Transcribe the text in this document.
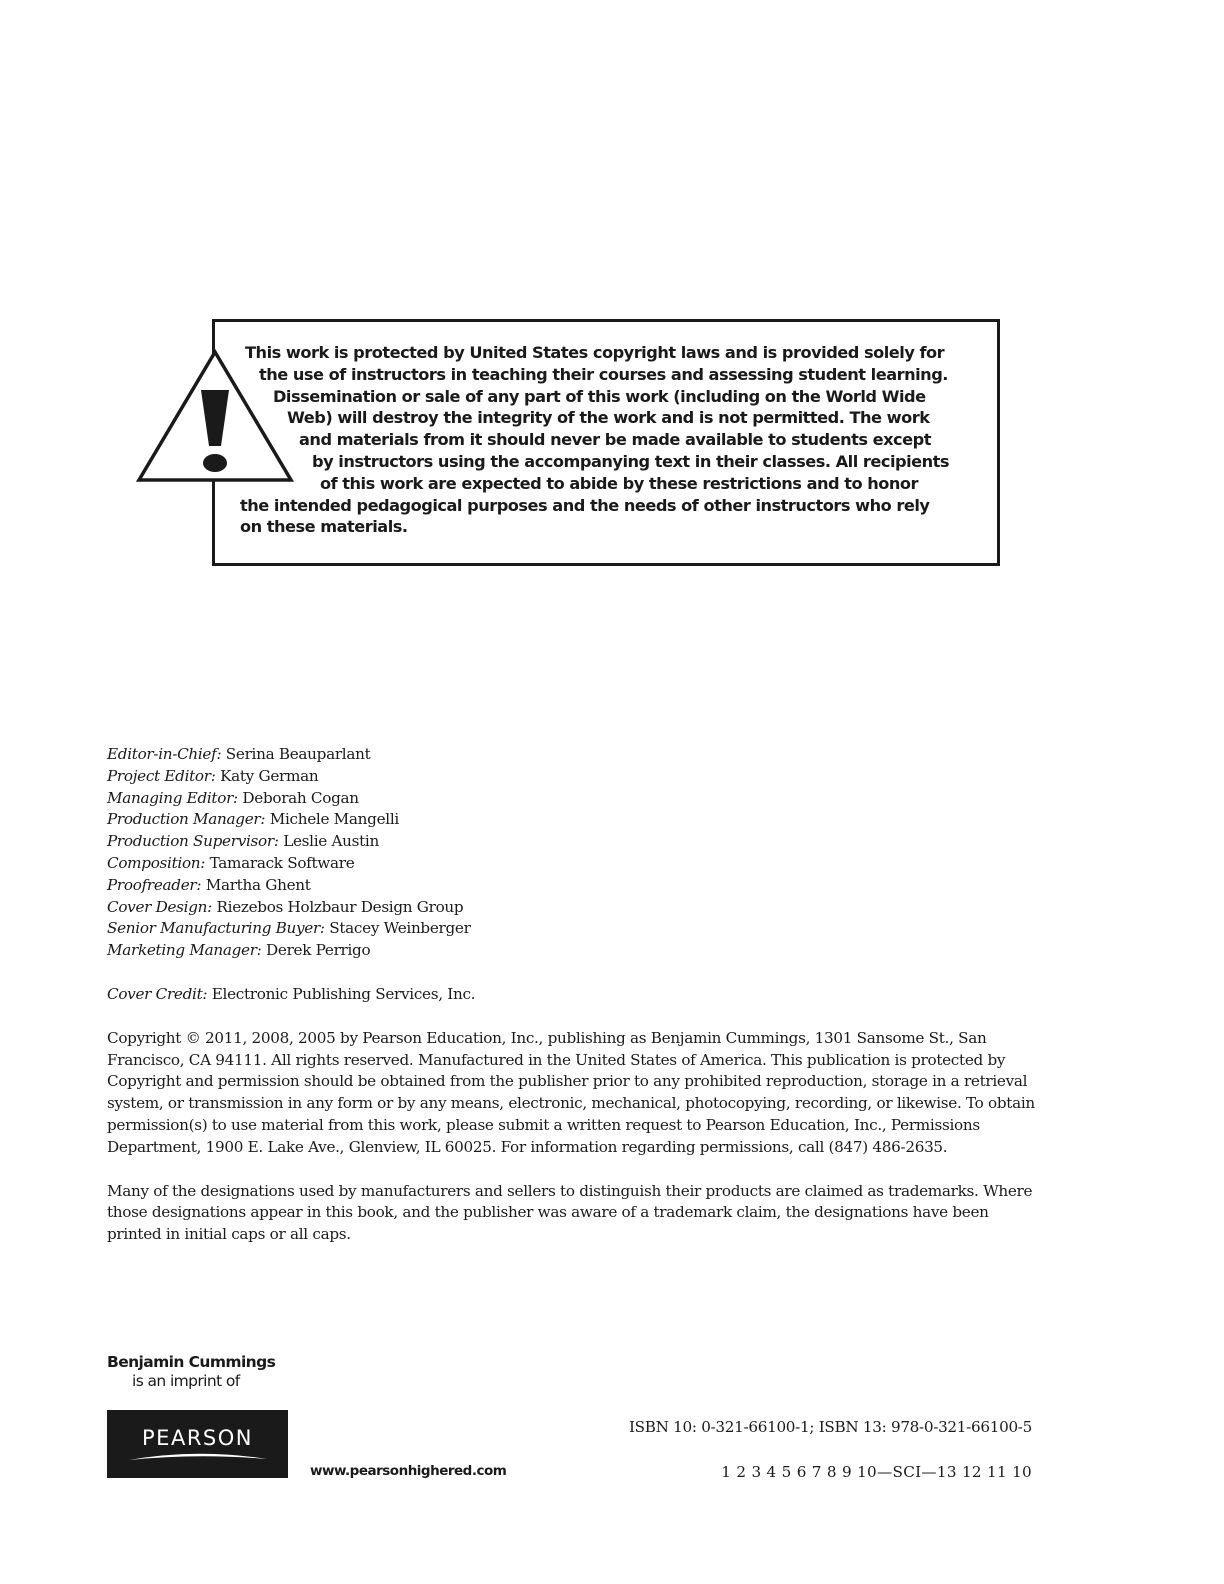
This work is protected by United States copyright laws and is provided solely for
the use of instructors in teaching their courses and assessing student learning.
Dissemination or sale of any part of this work (including on the World Wide
Web) will destroy the integrity of the work and is not permitted. The work
and materials from it should never be made available to students except
by instructors using the accompanying text in their classes. All recipients
of this work are expected to abide by these restrictions and to honor
the intended pedagogical purposes and the needs of other instructors who rely
on these materials.

Editor-in-Chief: Serina Beauparlant
Project Editor: Katy German
Managing Editor: Deborah Cogan
Production Manager: Michele Mangelli
Production Supervisor: Leslie Austin
Composition: Tamarack Software
Proofreader: Martha Ghent
Cover Design: Riezebos Holzbaur Design Group
Senior Manufacturing Buyer: Stacey Weinberger
Marketing Manager: Derek Perrigo
Cover Credit: Electronic Publishing Services, Inc.

Copyright © 2011, 2008, 2005 by Pearson Education, Inc., publishing as Benjamin Cummings, 1301 Sansome St., San Francisco, CA 94111. All rights reserved. Manufactured in the United States of America. This publication is protected by Copyright and permission should be obtained from the publisher prior to any prohibited reproduction, storage in a retrieval system, or transmission in any form or by any means, electronic, mechanical, photocopying, recording, or likewise. To obtain permission(s) to use material from this work, please submit a written request to Pearson Education, Inc., Permissions Department, 1900 E. Lake Ave., Glenview, IL 60025. For information regarding permissions, call (847) 486-2635.

Many of the designations used by manufacturers and sellers to distinguish their products are claimed as trademarks. Where those designations appear in this book, and the publisher was aware of a trademark claim, the designations have been printed in initial caps or all caps.

Benjamin Cummings
is an imprint of
PEARSON
www.pearsonhighered.com
ISBN 10: 0-321-66100-1; ISBN 13: 978-0-321-66100-5
1 2 3 4 5 6 7 8 9 10—SCI—13 12 11 10
